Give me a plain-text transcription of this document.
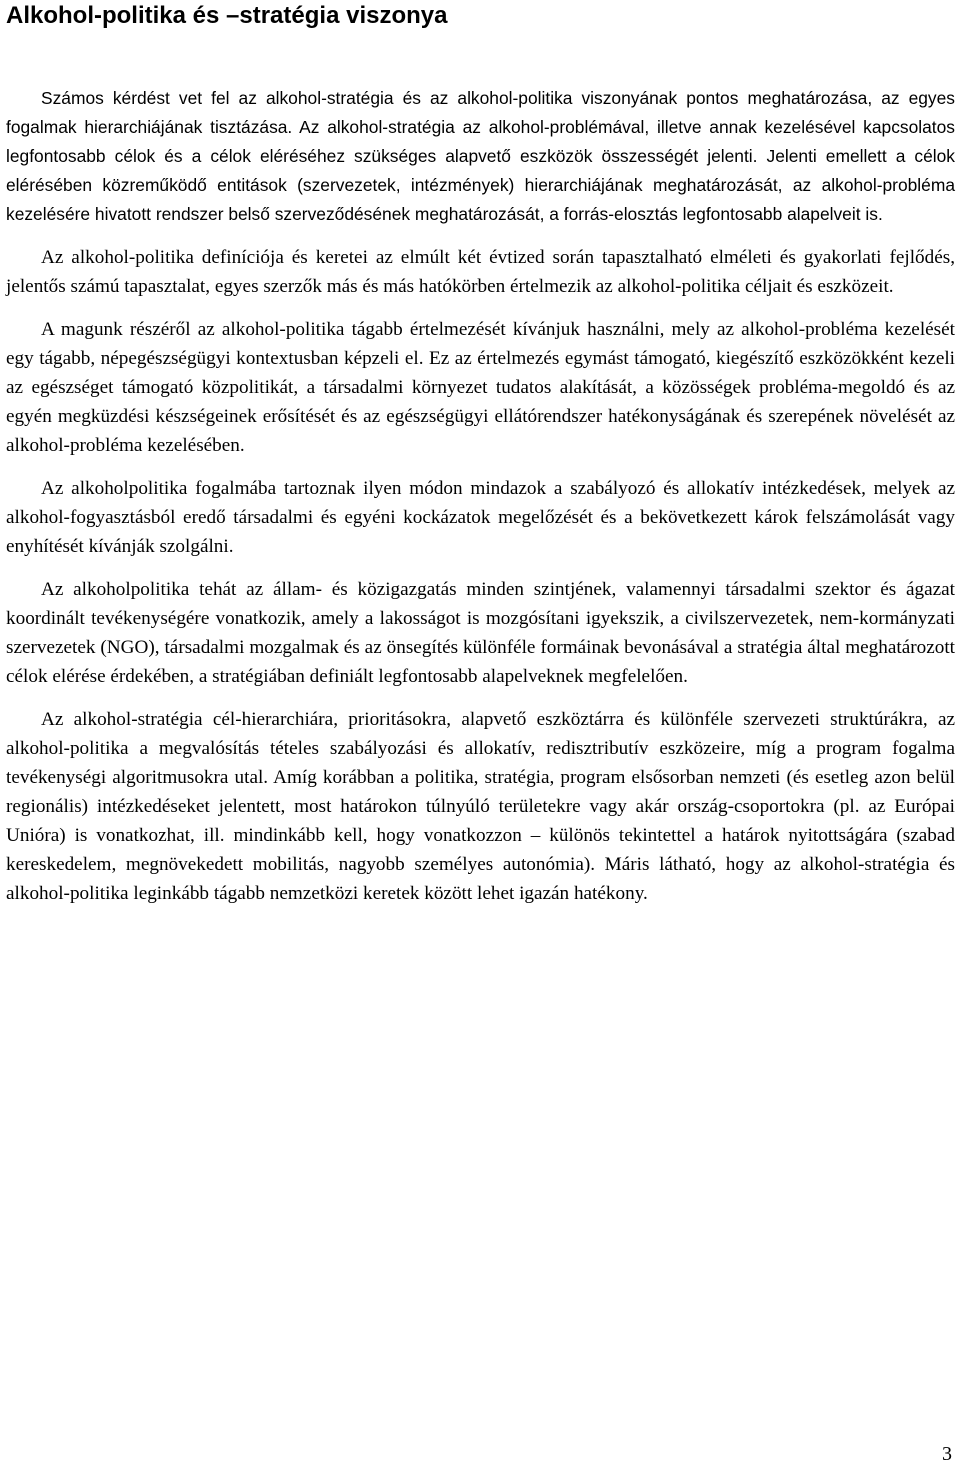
Alkohol-politika és –stratégia viszonya

Számos kérdést vet fel az alkohol-stratégia és az alkohol-politika viszonyának pontos meghatározása, az egyes fogalmak hierarchiájának tisztázása. Az alkohol-stratégia az alkohol-problémával, illetve annak kezelésével kapcsolatos legfontosabb célok és a célok eléréséhez szükséges alapvető eszközök összességét jelenti. Jelenti emellett a célok elérésében közreműködő entitások (szervezetek, intézmények) hierarchiájának meghatározását, az alkohol-probléma kezelésére hivatott rendszer belső szerveződésének meghatározását, a forrás-elosztás legfontosabb alapelveit is.

Az alkohol-politika definíciója és keretei az elmúlt két évtized során tapasztalható elméleti és gyakorlati fejlődés, jelentős számú tapasztalat, egyes szerzők más és más hatókörben értelmezik az alkohol-politika céljait és eszközeit.

A magunk részéről az alkohol-politika tágabb értelmezését kívánjuk használni, mely az alkohol-probléma kezelését egy tágabb, népegészségügyi kontextusban képzeli el. Ez az értelmezés egymást támogató, kiegészítő eszközökként kezeli az egészséget támogató közpolitikát, a társadalmi környezet tudatos alakítását, a közösségek probléma-megoldó és az egyén megküzdési készségeinek erősítését és az egészségügyi ellátórendszer hatékonyságának és szerepének növelését az alkohol-probléma kezelésében.

Az alkoholpolitika fogalmába tartoznak ilyen módon mindazok a szabályozó és allokatív intézkedések, melyek az alkohol-fogyasztásból eredő társadalmi és egyéni kockázatok megelőzését és a bekövetkezett károk felszámolását vagy enyhítését kívánják szolgálni.

Az alkoholpolitika tehát az állam- és közigazgatás minden szintjének, valamennyi társadalmi szektor és ágazat koordinált tevékenységére vonatkozik, amely a lakosságot is mozgósítani igyekszik, a civilszervezetek, nem-kormányzati szervezetek (NGO), társadalmi mozgalmak és az önsegítés különféle formáinak bevonásával a stratégia által meghatározott célok elérése érdekében, a stratégiában definiált legfontosabb alapelveknek megfelelően.

Az alkohol-stratégia cél-hierarchiára, prioritásokra, alapvető eszköztárra és különféle szervezeti struktúrákra, az alkohol-politika a megvalósítás tételes szabályozási és allokatív, redisztributív eszközeire, míg a program fogalma tevékenységi algoritmusokra utal. Amíg korábban a politika, stratégia, program elsősorban nemzeti (és esetleg azon belül regionális) intézkedéseket jelentett, most határokon túlnyúló területekre vagy akár ország-csoportokra (pl. az Európai Unióra) is vonatkozhat, ill. mindinkább kell, hogy vonatkozzon – különös tekintettel a határok nyitottságára (szabad kereskedelem, megnövekedett mobilitás, nagyobb személyes autonómia). Máris látható, hogy az alkohol-stratégia és alkohol-politika leginkább tágabb nemzetközi keretek között lehet igazán hatékony.

3
